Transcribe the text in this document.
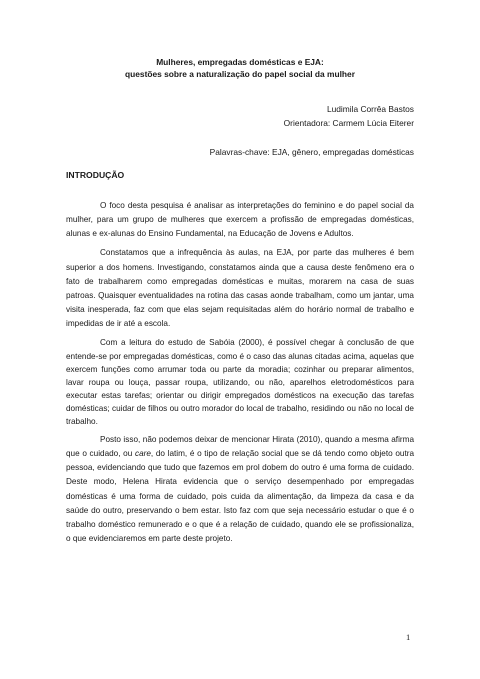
Mulheres, empregadas domésticas e EJA:
questões sobre a naturalização do papel social da mulher
Ludimila Corrêa Bastos
Orientadora: Carmem Lúcia Eiterer
Palavras-chave: EJA, gênero, empregadas domésticas
INTRODUÇÃO

O foco desta pesquisa é analisar as interpretações do feminino e do papel social da mulher, para um grupo de mulheres que exercem a profissão de empregadas domésticas, alunas e ex-alunas do Ensino Fundamental, na Educação de Jovens e Adultos.

Constatamos que a infrequência às aulas, na EJA, por parte das mulheres é bem superior a dos homens. Investigando, constatamos ainda que a causa deste fenômeno era o fato de trabalharem como empregadas domésticas e muitas, morarem na casa de suas patroas. Quaisquer eventualidades na rotina das casas aonde trabalham, como um jantar, uma visita inesperada, faz com que elas sejam requisitadas além do horário normal de trabalho e impedidas de ir até a escola.

Com a leitura do estudo de Sabóia (2000), é possível chegar à conclusão de que entende-se por empregadas domésticas, como é o caso das alunas citadas acima, aquelas que exercem funções como arrumar toda ou parte da moradia; cozinhar ou preparar alimentos, lavar roupa ou louça, passar roupa, utilizando, ou não, aparelhos eletrodomésticos para executar estas tarefas; orientar ou dirigir empregados domésticos na execução das tarefas domésticas; cuidar de filhos ou outro morador do local de trabalho, residindo ou não no local de trabalho.

Posto isso, não podemos deixar de mencionar Hirata (2010), quando a mesma afirma que o cuidado, ou care, do latim, é o tipo de relação social que se dá tendo como objeto outra pessoa, evidenciando que tudo que fazemos em prol dobem do outro é uma forma de cuidado. Deste modo, Helena Hirata evidencia que o serviço desempenhado por empregadas domésticas é uma forma de cuidado, pois cuida da alimentação, da limpeza da casa e da saúde do outro, preservando o bem estar. Isto faz com que seja necessário estudar o que é o trabalho doméstico remunerado e o que é a relação de cuidado, quando ele se profissionaliza, o que evidenciaremos em parte deste projeto.

1
